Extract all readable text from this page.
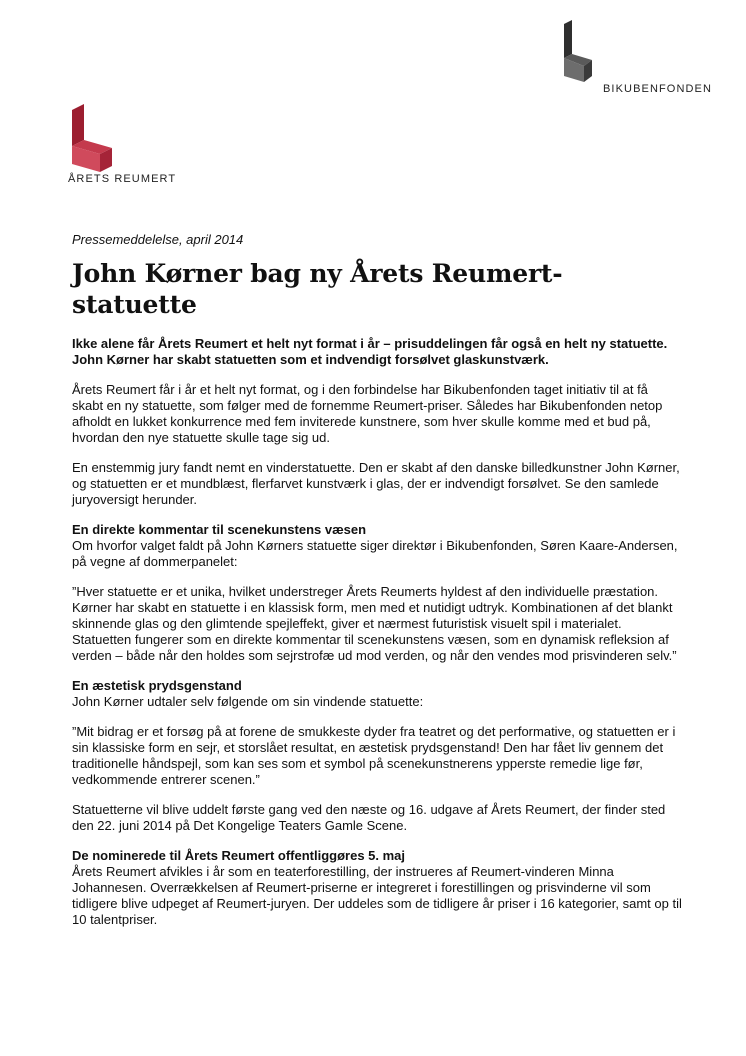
BIKUBENFONDEN
ÅRETS REUMERT
Pressemeddelelse, april 2014
John Kørner bag ny Årets Reumert-statuette

Ikke alene får Årets Reumert et helt nyt format i år – prisuddelingen får også en helt ny statuette. John Kørner har skabt statuetten som et indvendigt forsølvet glaskunstværk.

Årets Reumert får i år et helt nyt format, og i den forbindelse har Bikubenfonden taget initiativ til at få skabt en ny statuette, som følger med de fornemme Reumert-priser. Således har Bikubenfonden netop afholdt en lukket konkurrence med fem inviterede kunstnere, som hver skulle komme med et bud på, hvordan den nye statuette skulle tage sig ud.

En enstemmig jury fandt nemt en vinderstatuette. Den er skabt af den danske billedkunstner John Kørner, og statuetten er et mundblæst, flerfarvet kunstværk i glas, der er indvendigt forsølvet. Se den samlede juryoversigt herunder.

En direkte kommentar til scenekunstens væsen

Om hvorfor valget faldt på John Kørners statuette siger direktør i Bikubenfonden, Søren Kaare-Andersen, på vegne af dommerpanelet:

”Hver statuette er et unika, hvilket understreger Årets Reumerts hyldest af den individuelle præstation. Kørner har skabt en statuette i en klassisk form, men med et nutidigt udtryk. Kombinationen af det blankt skinnende glas og den glimtende spejleffekt, giver et nærmest futuristisk visuelt spil i materialet. Statuetten fungerer som en direkte kommentar til scenekunstens væsen, som en dynamisk refleksion af verden – både når den holdes som sejrstrofæ ud mod verden, og når den vendes mod prisvinderen selv.”

En æstetisk prydsgenstand

John Kørner udtaler selv følgende om sin vindende statuette:

”Mit bidrag er et forsøg på at forene de smukkeste dyder fra teatret og det performative, og statuetten er i sin klassiske form en sejr, et storslået resultat, en æstetisk prydsgenstand! Den har fået liv gennem det traditionelle håndspejl, som kan ses som et symbol på scenekunstnerens ypperste remedie lige før, vedkommende entrerer scenen.”

Statuetterne vil blive uddelt første gang ved den næste og 16. udgave af Årets Reumert, der finder sted den 22. juni 2014 på Det Kongelige Teaters Gamle Scene.

De nominerede til Årets Reumert offentliggøres 5. maj

Årets Reumert afvikles i år som en teaterforestilling, der instrueres af Reumert-vinderen Minna Johannesen. Overrækkelsen af Reumert-priserne er integreret i forestillingen og prisvinderne vil som tidligere blive udpeget af Reumert-juryen. Der uddeles som de tidligere år priser i 16 kategorier, samt op til 10 talentpriser.
